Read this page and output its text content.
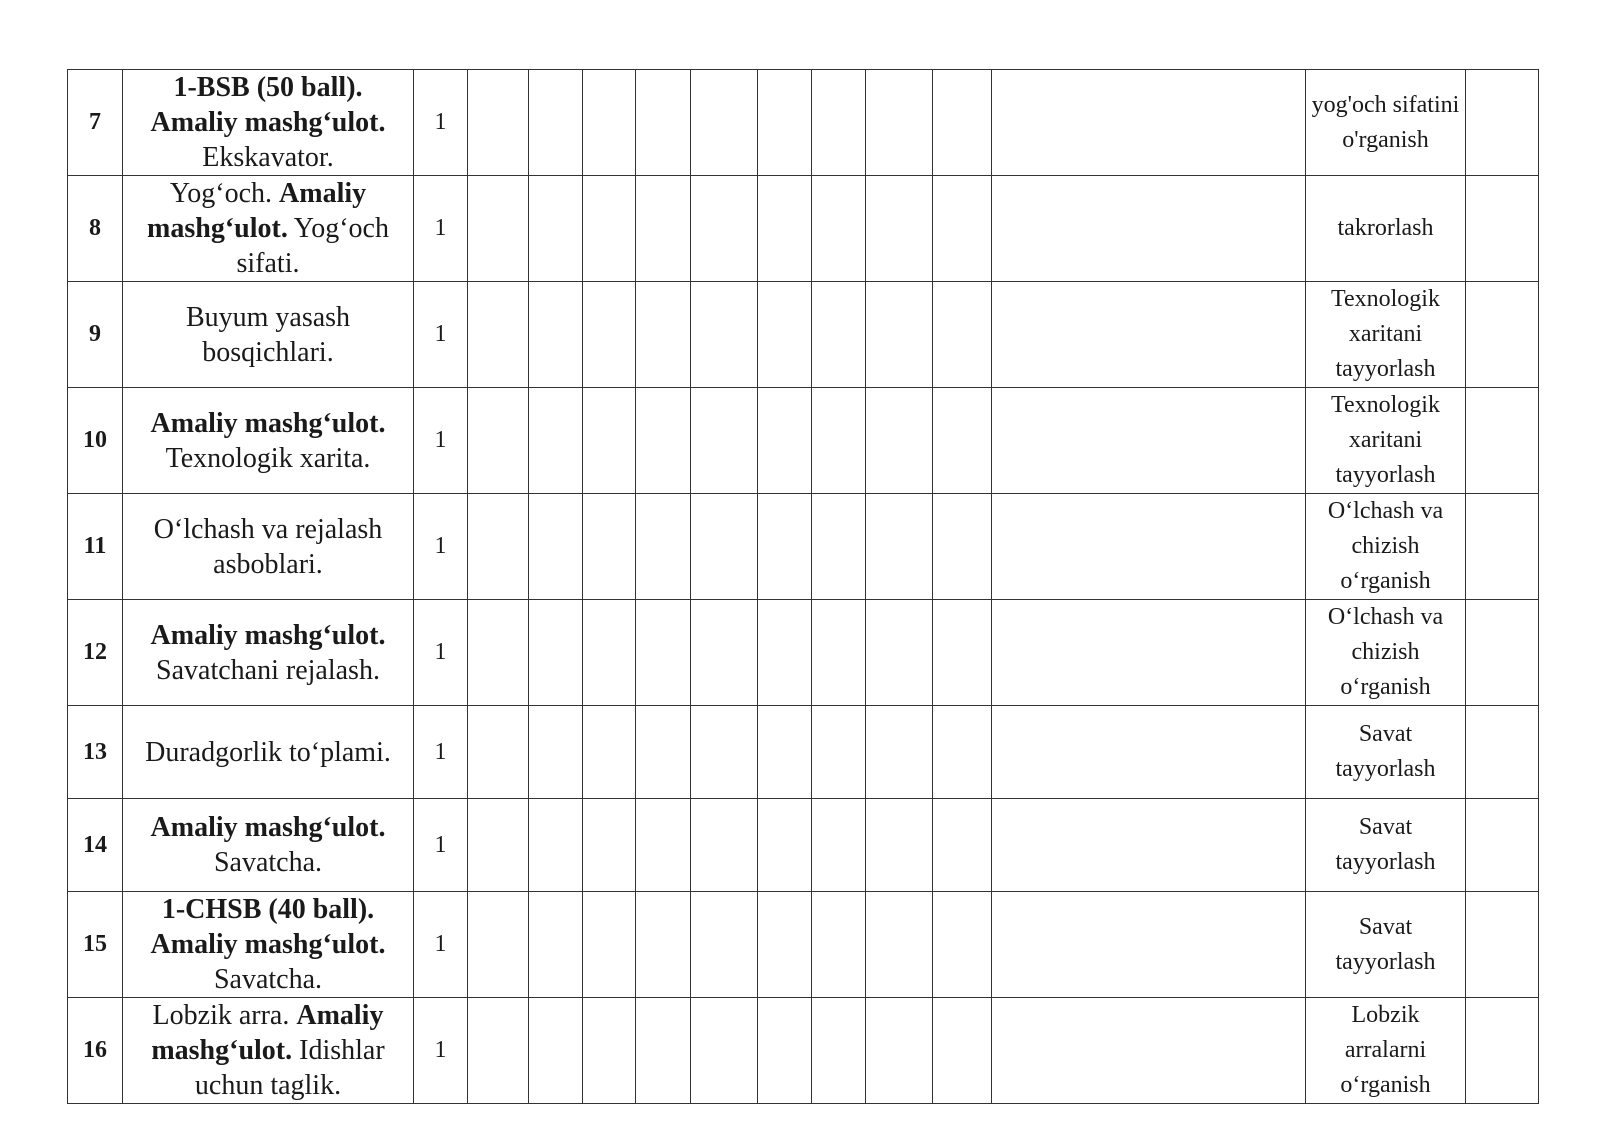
7	1-BSB (50 ball).
Amaliy mashg‘ulot.
Ekskavator.	1											yog'och sifatini o'rganish	
8	Yog‘och. Amaliy mashg‘ulot. Yog‘och sifati.	1											takrorlash	
9	Buyum yasash bosqichlari.	1											Texnologik xaritani tayyorlash	
10	Amaliy mashg‘ulot.
Texnologik xarita.	1											Texnologik xaritani tayyorlash	
11	O‘lchash va rejalash asboblari.	1											O‘lchash va chizish o‘rganish	
12	Amaliy mashg‘ulot.
Savatchani rejalash.	1											O‘lchash va chizish o‘rganish	
13	Duradgorlik to‘plami.	1											Savat tayyorlash	
14	Amaliy mashg‘ulot.
Savatcha.	1											Savat tayyorlash	
15	1-CHSB (40 ball).
Amaliy mashg‘ulot.
Savatcha.	1											Savat tayyorlash	
16	Lobzik arra. Amaliy mashg‘ulot. Idishlar uchun taglik.	1											Lobzik arralarni o‘rganish	
